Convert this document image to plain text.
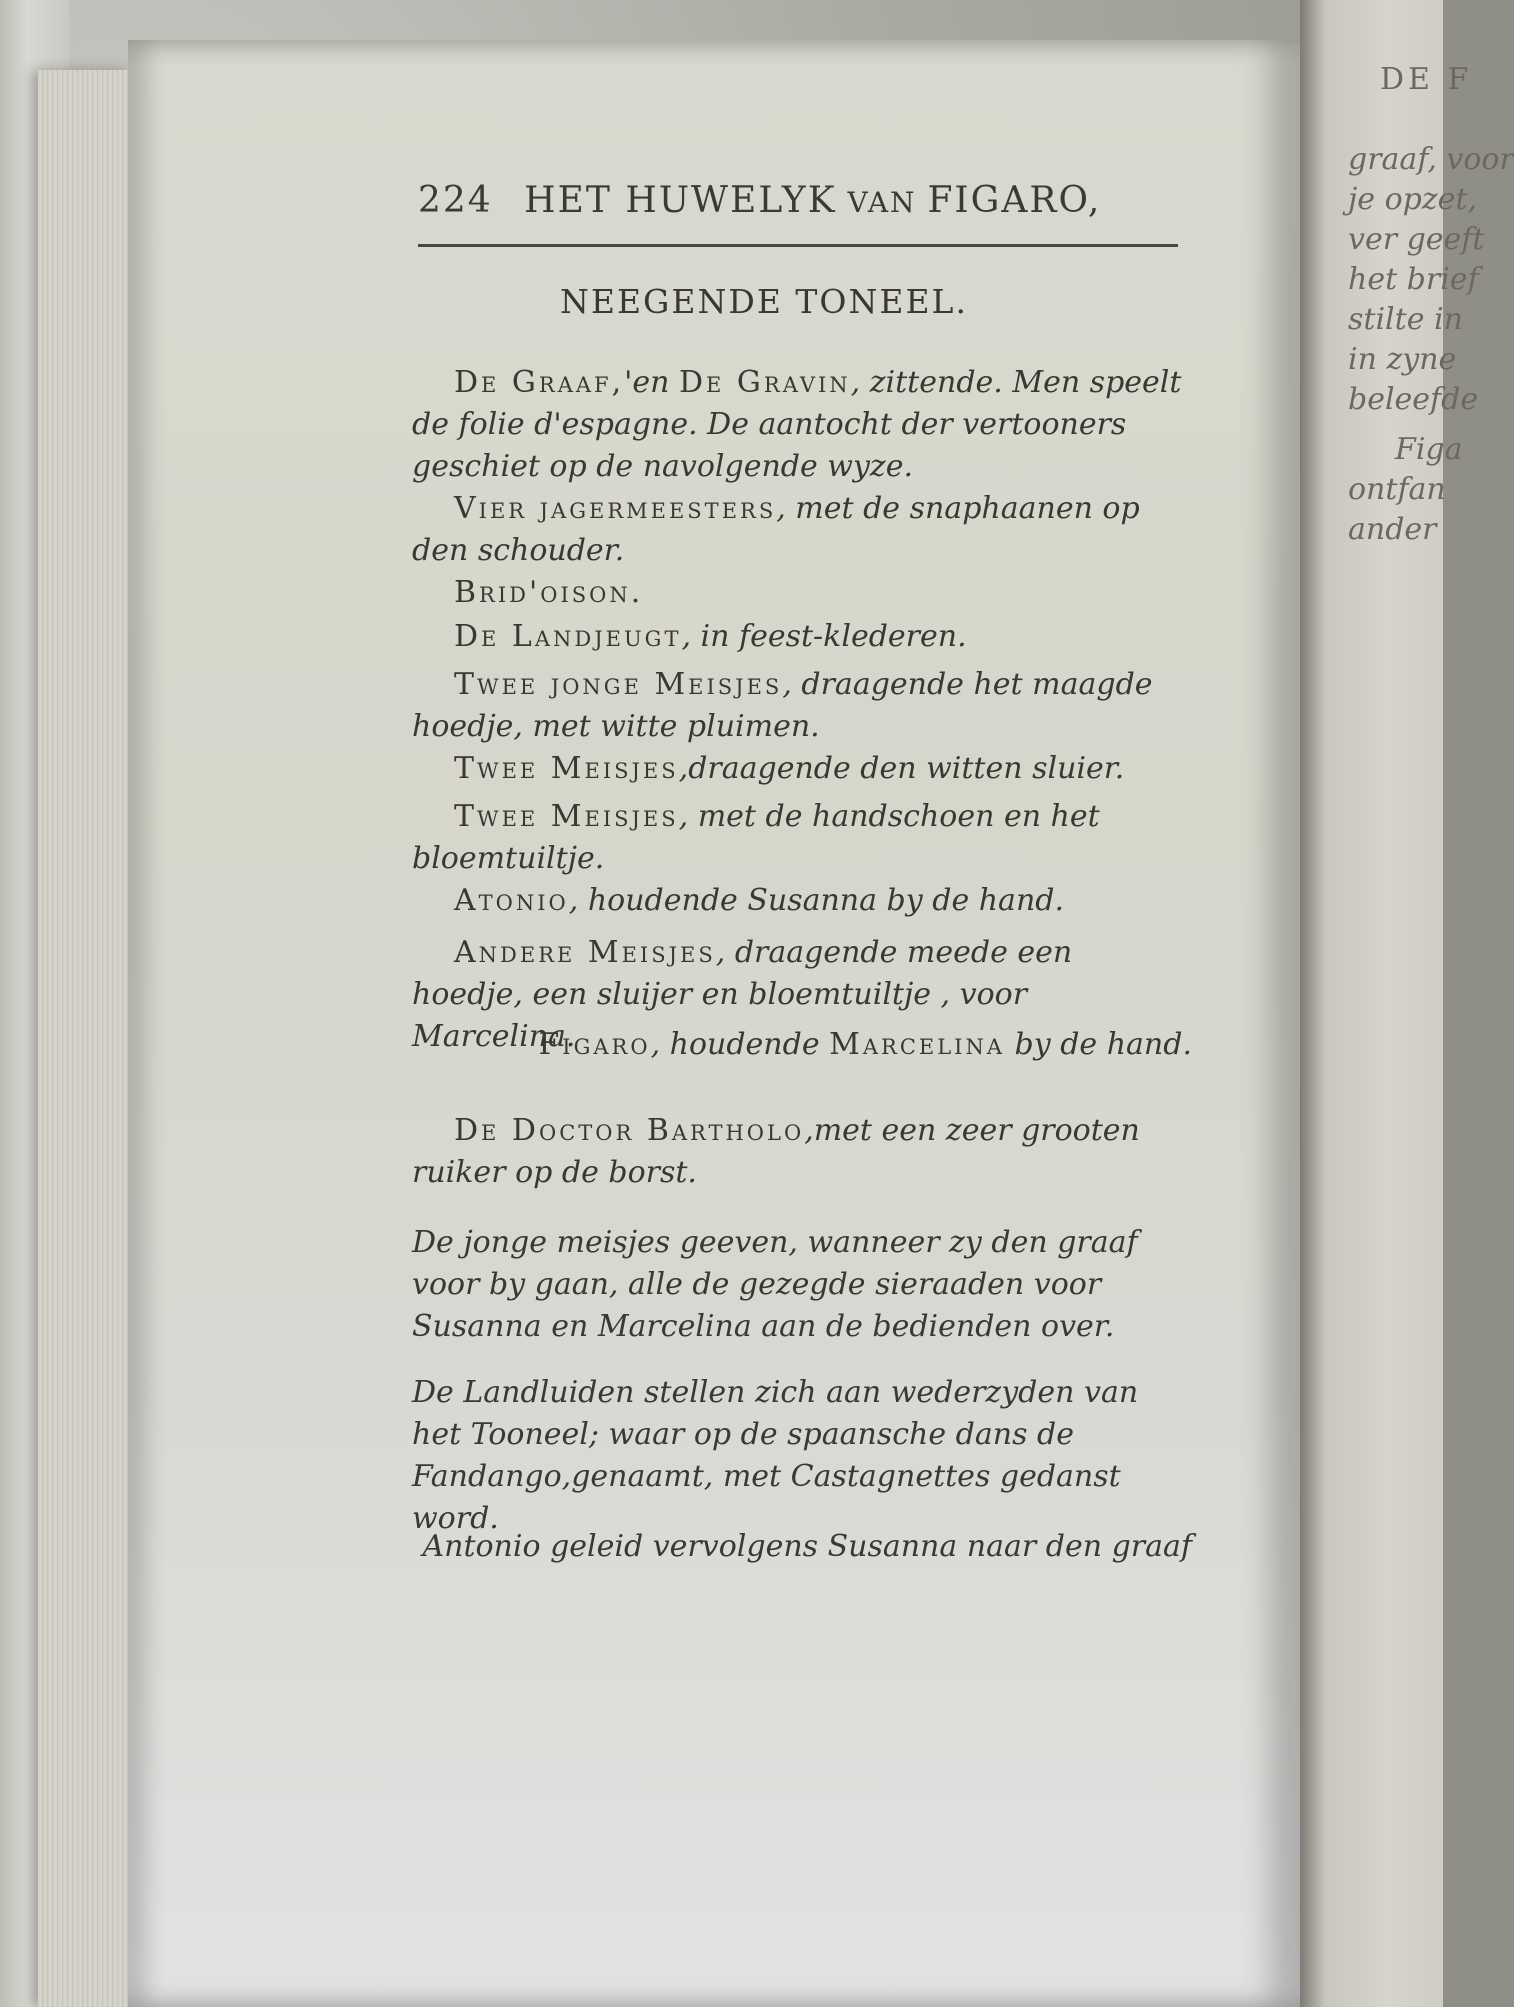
DE F
graaf, voor
je opzet,
ver geeft
het brief
stilte in
in zyne
beleefde
Figa
ontfan
ander
224 HET HUWELYK VAN FIGARO,
NEEGENDE TONEEL.
De Graaf,'en De Gravin, zittende. Men speelt de folie d'espagne. De aantocht der vertooners geschiet op de navolgende wyze.
Vier jagermeesters, met de snaphaanen op den schouder.
Brid'oison.
De Landjeugt, in feest-klederen.
Twee jonge Meisjes, draagende het maagde hoedje, met witte pluimen.
Twee Meisjes,draagende den witten sluier.
Twee Meisjes, met de handschoen en het bloemtuiltje.
Atonio, houdende Susanna by de hand.
Andere Meisjes, draagende meede een hoedje, een sluijer en bloemtuiltje , voor Marcelina.
Figaro, houdende Marcelina by de hand.
De Doctor Bartholo,met een zeer grooten ruiker op de borst.
De jonge meisjes geeven, wanneer zy den graaf voor by gaan, alle de gezegde sieraaden voor Susanna en Marcelina aan de bedienden over.
De Landluiden stellen zich aan wederzyden van het Tooneel; waar op de spaansche dans de Fandango,genaamt, met Castagnettes gedanst word.
Antonio geleid vervolgens Susanna naar den graaf
